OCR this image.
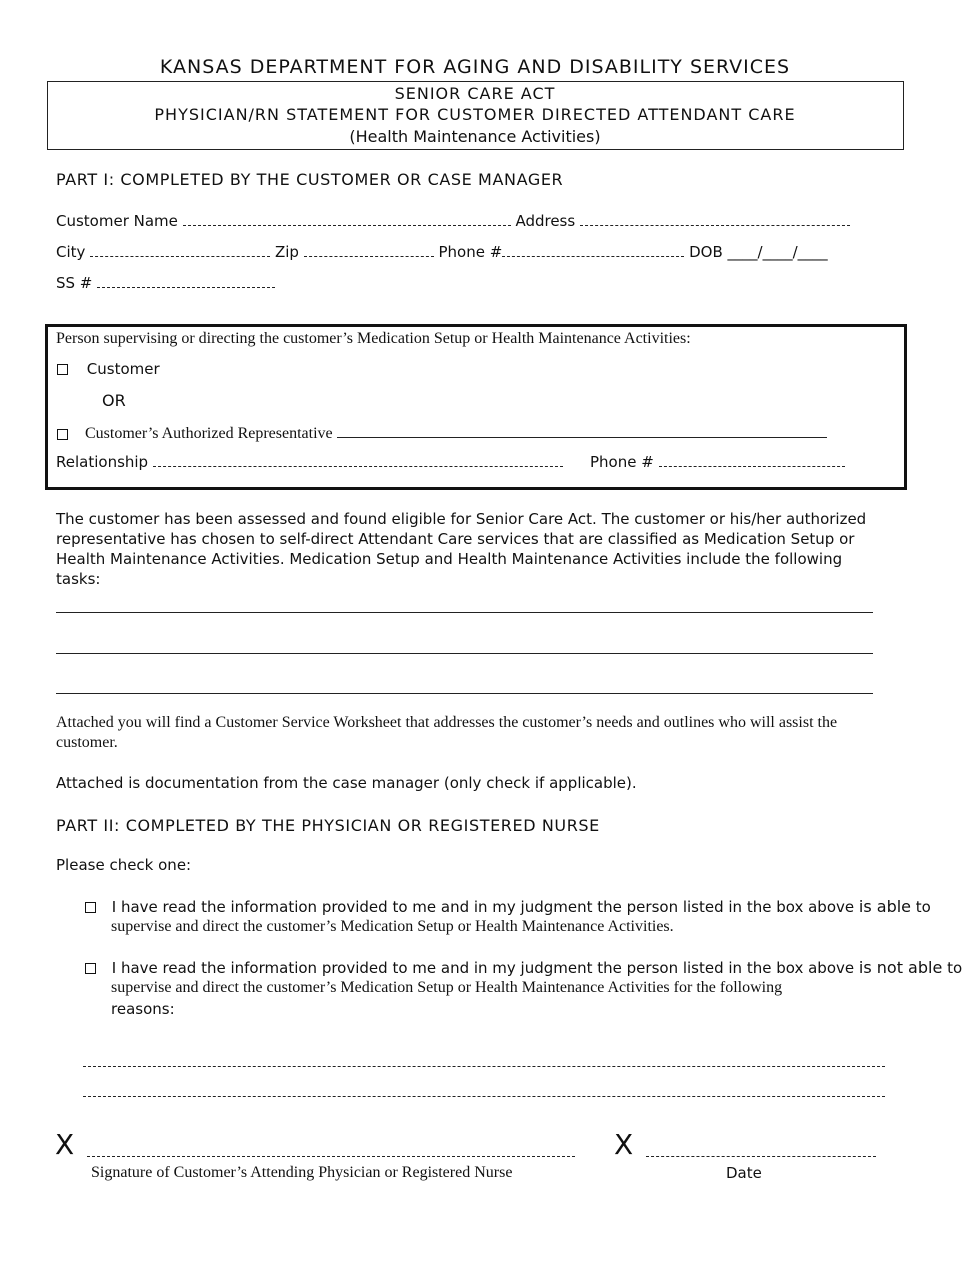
KANSAS DEPARTMENT FOR AGING AND DISABILITY SERVICES
SENIOR CARE ACT
PHYSICIAN/RN STATEMENT FOR CUSTOMER DIRECTED ATTENDANT CARE
(Health Maintenance Activities)
PART I: COMPLETED BY THE CUSTOMER OR CASE MANAGER
Customer Name	Address
City	Zip	Phone #	DOB ____/____/____
SS #
Person supervising or directing the customer’s Medication Setup or Health Maintenance Activities:
Customer
OR
Customer’s Authorized Representative
Relationship	Phone #
The customer has been assessed and found eligible for Senior Care Act. The customer or his/her authorized representative has chosen to self-direct Attendant Care services that are classified as Medication Setup or Health Maintenance Activities. Medication Setup and Health Maintenance Activities include the following tasks:
Attached you will find a Customer Service Worksheet that addresses the customer’s needs and outlines who will assist the customer.
Attached is documentation from the case manager (only check if applicable).
PART II: COMPLETED BY THE PHYSICIAN OR REGISTERED NURSE
Please check one:
I have read the information provided to me and in my judgment the person listed in the box above is able to
supervise and direct the customer’s Medication Setup or Health Maintenance Activities.
I have read the information provided to me and in my judgment the person listed in the box above is not able to
supervise and direct the customer’s Medication Setup or Health Maintenance Activities for the following
reasons:
X
Signature of Customer’s Attending Physician or Registered Nurse
X
Date
